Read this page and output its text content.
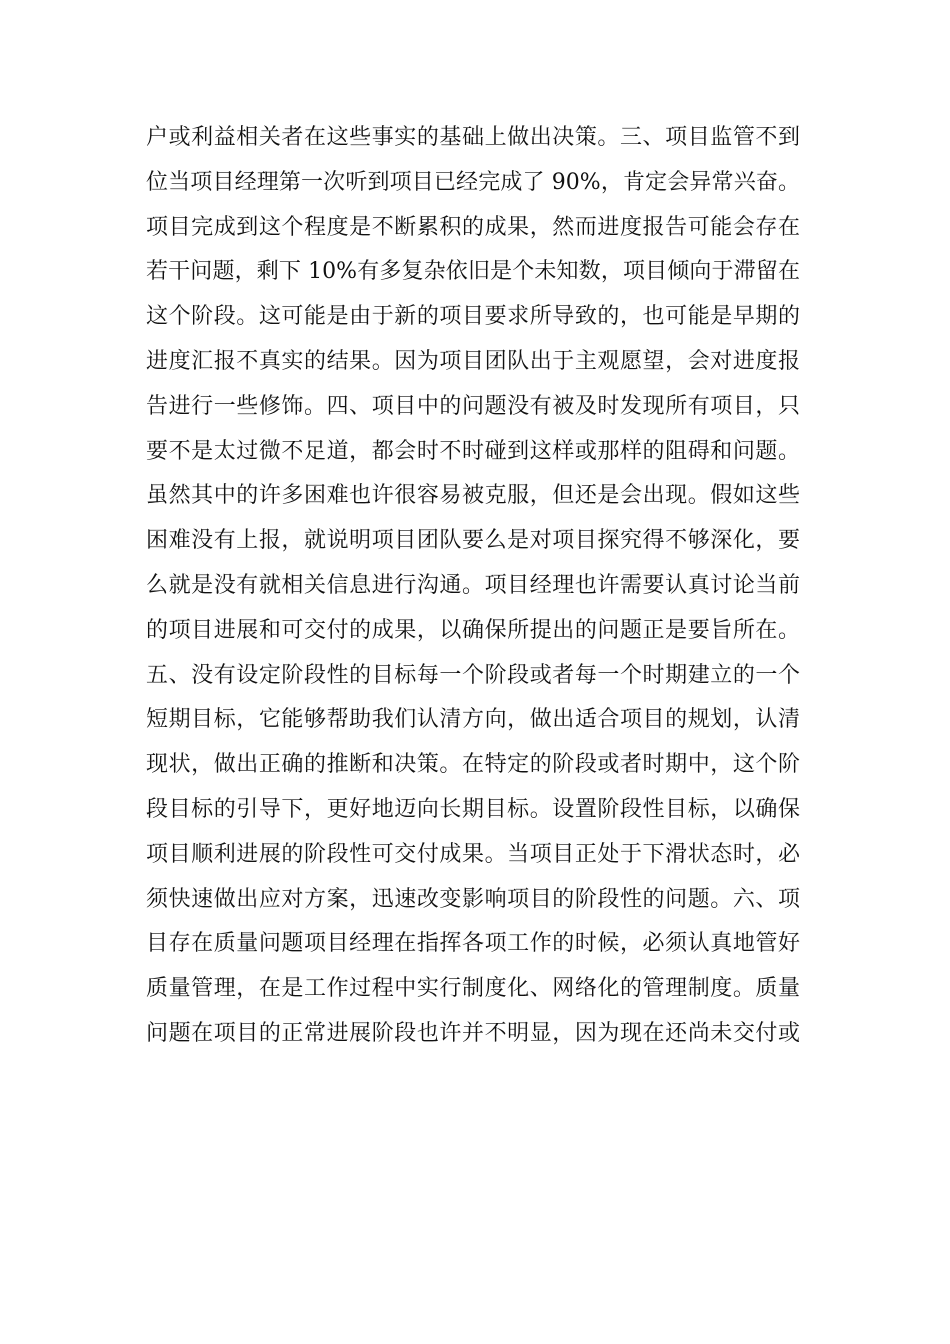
户或利益相关者在这些事实的基础上做出决策。三、项目监管不到
位当项目经理第一次听到项目已经完成了 90%，肯定会异常兴奋。
项目完成到这个程度是不断累积的成果，然而进度报告可能会存在
若干问题，剩下 10%有多复杂依旧是个未知数，项目倾向于滞留在
这个阶段。这可能是由于新的项目要求所导致的，也可能是早期的
进度汇报不真实的结果。因为项目团队出于主观愿望，会对进度报
告进行一些修饰。四、项目中的问题没有被及时发现所有项目，只
要不是太过微不足道，都会时不时碰到这样或那样的阻碍和问题。
虽然其中的许多困难也许很容易被克服，但还是会出现。假如这些
困难没有上报，就说明项目团队要么是对项目探究得不够深化，要
么就是没有就相关信息进行沟通。项目经理也许需要认真讨论当前
的项目进展和可交付的成果，以确保所提出的问题正是要旨所在。
五、没有设定阶段性的目标每一个阶段或者每一个时期建立的一个
短期目标，它能够帮助我们认清方向，做出适合项目的规划，认清
现状，做出正确的推断和决策。在特定的阶段或者时期中，这个阶
段目标的引导下，更好地迈向长期目标。设置阶段性目标，以确保
项目顺利进展的阶段性可交付成果。当项目正处于下滑状态时，必
须快速做出应对方案，迅速改变影响项目的阶段性的问题。六、项
目存在质量问题项目经理在指挥各项工作的时候，必须认真地管好
质量管理，在是工作过程中实行制度化、网络化的管理制度。质量
问题在项目的正常进展阶段也许并不明显，因为现在还尚未交付或
